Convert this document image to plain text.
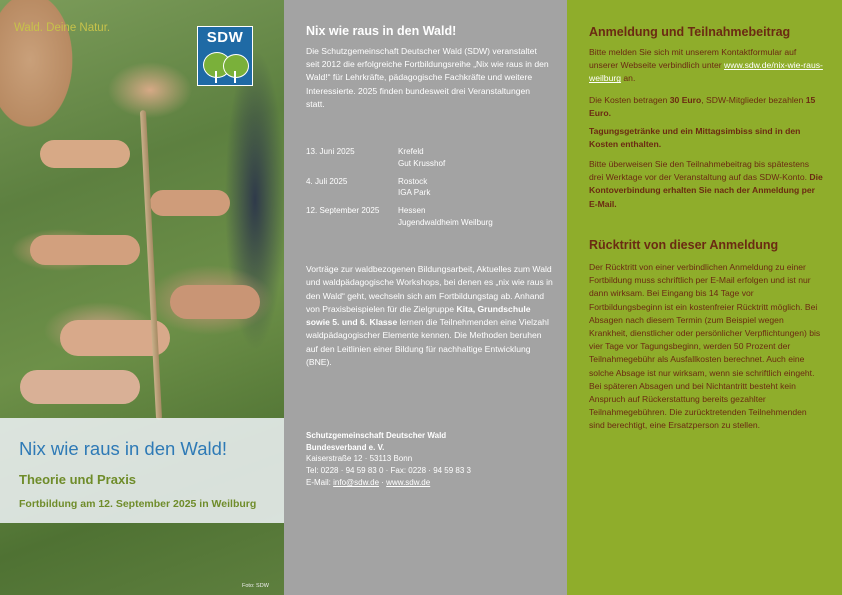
Wald. Deine Natur.
SDW
Nix wie raus in den Wald!
Theorie und Praxis
Fortbildung am 12. September 2025 in Weilburg
Foto: SDW
Nix wie raus in den Wald!
Die Schutzgemeinschaft Deutscher Wald (SDW) veranstaltet seit 2012 die erfolgreiche Fortbildungsreihe „Nix wie raus in den Wald!“ für Lehrkräfte, pädagogische Fachkräfte und weitere Interessierte. 2025 finden bundesweit drei Veranstaltungen statt.
13. Juni 2025	Krefeld
Gut Krusshof
4. Juli 2025	Rostock
IGA Park
12. September 2025	Hessen
Jugendwaldheim Weilburg
Vorträge zur waldbezogenen Bildungsarbeit, Aktuelles zum Wald und waldpädagogische Workshops, bei denen es „nix wie raus in den Wald“ geht, wechseln sich am Fortbildungstag ab. Anhand von Praxisbeispielen für die Zielgruppe Kita, Grundschule sowie 5. und 6. Klasse lernen die Teilnehmenden eine Vielzahl waldpädagogischer Elemente kennen. Die Methoden beruhen auf den Leitlinien einer Bildung für nachhaltige Entwicklung (BNE).
Schutzgemeinschaft Deutscher Wald
Bundesverband e. V.
Kaiserstraße 12 · 53113 Bonn
Tel: 0228 · 94 59 83 0 · Fax: 0228 · 94 59 83 3
E-Mail: info@sdw.de · www.sdw.de
Anmeldung und Teilnahmebeitrag
Bitte melden Sie sich mit unserem Kontaktformular auf unserer Webseite verbindlich unter www.sdw.de/nix-wie-raus-weilburg an.
Die Kosten betragen 30 Euro, SDW-Mitglieder bezahlen 15 Euro.
Tagungsgetränke und ein Mittagsimbiss sind in den Kosten enthalten.
Bitte überweisen Sie den Teilnahmebeitrag bis spätestens drei Werktage vor der Veranstaltung auf das SDW-Konto. Die Kontoverbindung erhalten Sie nach der Anmeldung per E-Mail.
Rücktritt von dieser Anmeldung
Der Rücktritt von einer verbindlichen Anmeldung zu einer Fortbildung muss schriftlich per E-Mail erfolgen und ist nur dann wirksam. Bei Eingang bis 14 Tage vor Fortbildungsbeginn ist ein kostenfreier Rücktritt möglich. Bei Absagen nach diesem Termin (zum Beispiel wegen Krankheit, dienstlicher oder persönlicher Verpflichtungen) bis vier Tage vor Tagungsbeginn, werden 50 Prozent der Teilnahmegebühr als Ausfallkosten berechnet. Auch eine solche Absage ist nur wirksam, wenn sie schriftlich eingeht. Bei späteren Absagen und bei Nichtantritt besteht kein Anspruch auf Rückerstattung bereits gezahlter Teilnahmegebühren. Die zurücktretenden Teilnehmenden sind berechtigt, eine Ersatzperson zu stellen.
